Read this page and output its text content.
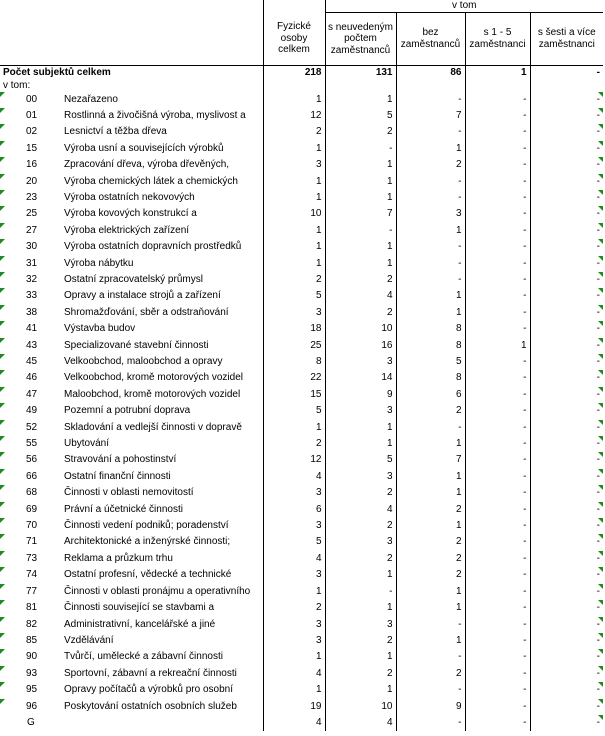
			v tom			
		Fyzické osoby celkem	s neuvedeným počtem zaměstnanců	bez zaměstnanců	s 1 - 5 zaměstnanci	s šesti a více zaměstnanci
Počet subjektů celkem		218	131	86	1	-
v tom:						

00	Nezařazeno	1	1	-	-	-

01	Rostlinná a živočišná výroba, myslivost a	12	5	7	-	-

02	Lesnictví a těžba dřeva	2	2	-	-	-

15	Výroba usní a souvisejících výrobků	1	-	1	-	-

16	Zpracování dřeva, výroba dřevěných,	3	1	2	-	-

20	Výroba chemických látek a chemických	1	1	-	-	-

23	Výroba ostatních nekovových	1	1	-	-	-

25	Výroba kovových konstrukcí a	10	7	3	-	-

27	Výroba elektrických zařízení	1	-	1	-	-

30	Výroba ostatních dopravních prostředků	1	1	-	-	-

31	Výroba nábytku	1	1	-	-	-

32	Ostatní zpracovatelský průmysl	2	2	-	-	-

33	Opravy a instalace strojů a zařízení	5	4	1	-	-

38	Shromažďování, sběr a odstraňování	3	2	1	-	-

41	Výstavba budov	18	10	8	-	-

43	Specializované stavební činnosti	25	16	8	1	-

45	Velkoobchod, maloobchod a opravy	8	3	5	-	-

46	Velkoobchod, kromě motorových vozidel	22	14	8	-	-

47	Maloobchod, kromě motorových vozidel	15	9	6	-	-

49	Pozemní a potrubní doprava	5	3	2	-	-

52	Skladování a vedlejší činnosti v dopravě	1	1	-	-	-

55	Ubytování	2	1	1	-	-

56	Stravování a pohostinství	12	5	7	-	-

66	Ostatní finanční činnosti	4	3	1	-	-

68	Činnosti v oblasti nemovitostí	3	2	1	-	-

69	Právní a účetnické činnosti	6	4	2	-	-

70	Činnosti vedení podniků; poradenství	3	2	1	-	-

71	Architektonické a inženýrské činnosti;	5	3	2	-	-

73	Reklama a průzkum trhu	4	2	2	-	-

74	Ostatní profesní, vědecké a technické	3	1	2	-	-

77	Činnosti v oblasti pronájmu a operativního	1	-	1	-	-

81	Činnosti související se stavbami a	2	1	1	-	-

82	Administrativní, kancelářské a jiné	3	3	-	-	-

85	Vzdělávání	3	2	1	-	-

90	Tvůrčí, umělecké a zábavní činnosti	1	1	-	-	-

93	Sportovní, zábavní a rekreační činnosti	4	2	2	-	-

95	Opravy počítačů a výrobků pro osobní	1	1	-	-	-

96	Poskytování ostatních osobních služeb	19	10	9	-	-
G		4	4	-	-	-
